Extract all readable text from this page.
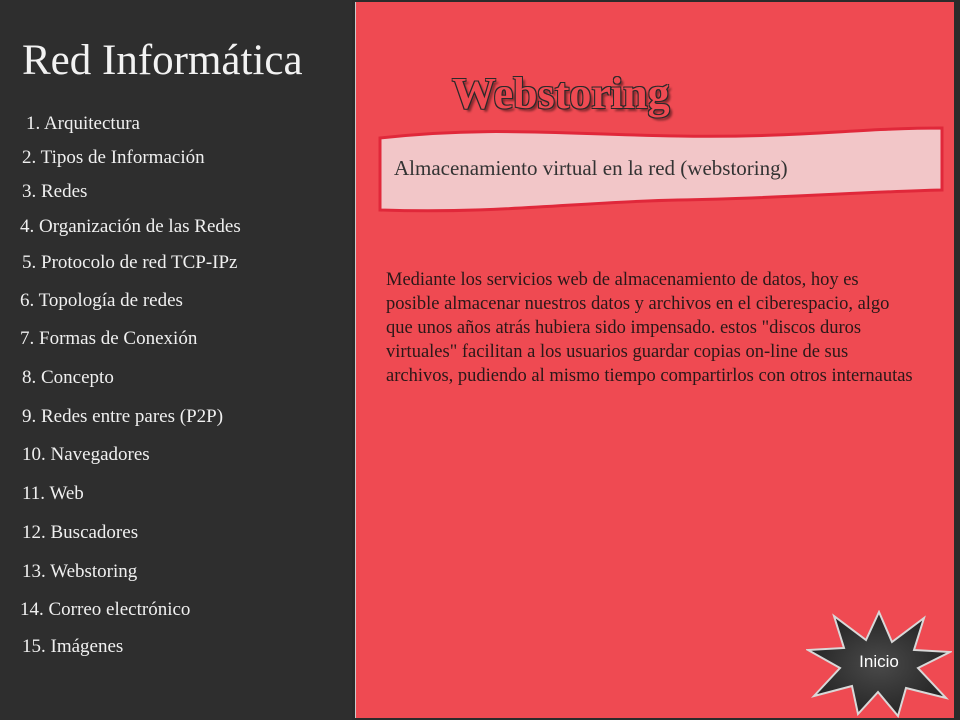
Red Informática
1. Arquitectura
2. Tipos de Información
3. Redes
4. Organización de las Redes
5. Protocolo de red TCP-IPz
6. Topología de redes
7. Formas de Conexión
8. Concepto
9. Redes entre pares (P2P)
10. Navegadores
11. Web
12. Buscadores
13. Webstoring
14. Correo electrónico
15. Imágenes
Webstoring
Almacenamiento virtual en la red (webstoring)
Mediante los servicios web de almacenamiento de datos, hoy es posible almacenar nuestros datos y archivos en el ciberespacio, algo que unos años atrás hubiera sido impensado. estos "discos duros virtuales" facilitan a los usuarios guardar copias on-line de sus archivos, pudiendo al mismo tiempo compartirlos con otros internautas
Inicio
